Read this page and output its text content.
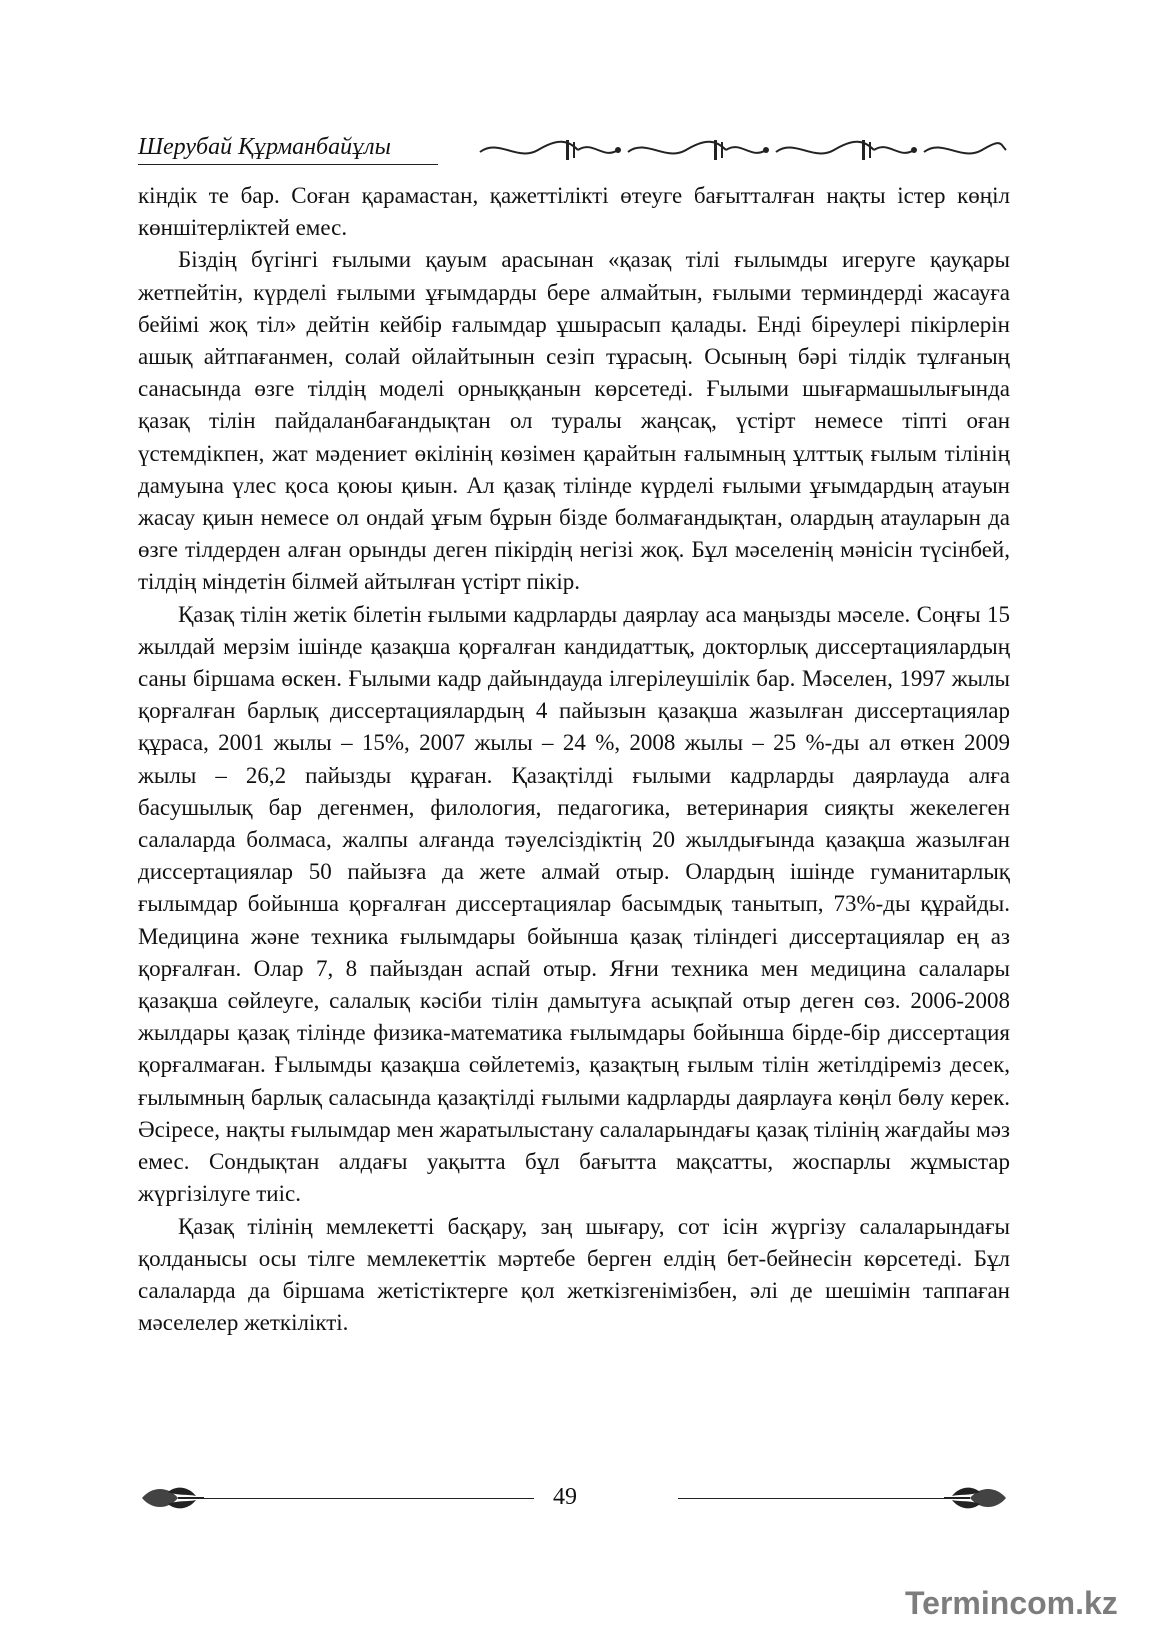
Шерубай Құрманбайұлы

кіндік те бар. Соған қарамастан, қажеттілікті өтеуге бағытталған нақты істер көңіл көншітерліктей емес.

Біздің бүгінгі ғылыми қауым арасынан «қазақ тілі ғылымды игеруге қауқары жетпейтін, күрделі ғылыми ұғымдарды бере алмайтын, ғылыми терминдерді жасауға бейімі жоқ тіл» дейтін кейбір ғалымдар ұшырасып қалады. Енді біреулері пікірлерін ашық айтпағанмен, солай ойлайтынын сезіп тұрасың. Осының бәрі тілдік тұлғаның санасында өзге тілдің моделі орныққанын көрсетеді. Ғылыми шығармашылығында қазақ тілін пайдаланбағандықтан ол туралы жаңсақ, үстірт немесе тіпті оған үстемдікпен, жат мәдениет өкілінің көзімен қарайтын ғалымның ұлттық ғылым тілінің дамуына үлес қоса қоюы қиын. Ал қазақ тілінде күрделі ғылыми ұғымдардың атауын жасау қиын немесе ол ондай ұғым бұрын бізде болмағандықтан, олардың атауларын да өзге тілдерден алған орынды деген пікірдің негізі жоқ. Бұл мәселенің мәнісін түсінбей, тілдің міндетін білмей айтылған үстірт пікір.

Қазақ тілін жетік білетін ғылыми кадрларды даярлау аса маңызды мәселе. Соңғы 15 жылдай мерзім ішінде қазақша қорғалған кандидаттық, докторлық диссертациялардың саны біршама өскен. Ғылыми кадр дайындауда ілгерілеушілік бар. Мәселен, 1997 жылы қорғалған барлық диссертациялардың 4 пайызын қазақша жазылған диссертациялар құраса, 2001 жылы – 15%, 2007 жылы – 24 %, 2008 жылы – 25 %-ды ал өткен 2009 жылы – 26,2 пайызды құраған. Қазақтілді ғылыми кадрларды даярлауда алға басушылық бар дегенмен, филология, педагогика, ветеринария сияқты жекелеген салаларда болмаса, жалпы алғанда тәуелсіздіктің 20 жылдығында қазақша жазылған диссертациялар 50 пайызға да жете алмай отыр. Олардың ішінде гуманитарлық ғылымдар бойынша қорғалған диссертациялар басымдық танытып, 73%-ды құрайды. Медицина және техника ғылымдары бойынша қазақ тіліндегі диссертациялар ең аз қорғалған. Олар 7, 8 пайыздан аспай отыр. Яғни техника мен медицина салалары қазақша сөйлеуге, салалық кәсіби тілін дамытуға асықпай отыр деген сөз. 2006-2008 жылдары қазақ тілінде физика-математика ғылымдары бойынша бірде-бір диссертация қорғалмаған. Ғылымды қазақша сөйлетеміз, қазақтың ғылым тілін жетілдіреміз десек, ғылымның барлық саласында қазақтілді ғылыми кадрларды даярлауға көңіл бөлу керек. Әсіресе, нақты ғылымдар мен жаратылыстану салаларындағы қазақ тілінің жағдайы мәз емес. Сондықтан алдағы уақытта бұл бағытта мақсатты, жоспарлы жұмыстар жүргізілуге тиіс.

Қазақ тілінің мемлекетті басқару, заң шығару, сот ісін жүргізу салаларындағы қолданысы осы тілге мемлекеттік мәртебе берген елдің бет-бейнесін көрсетеді. Бұл салаларда да біршама жетістіктерге қол жеткізгенімізбен, әлі де шешімін таппаған мәселелер жеткілікті.

49
Termincom.kz
